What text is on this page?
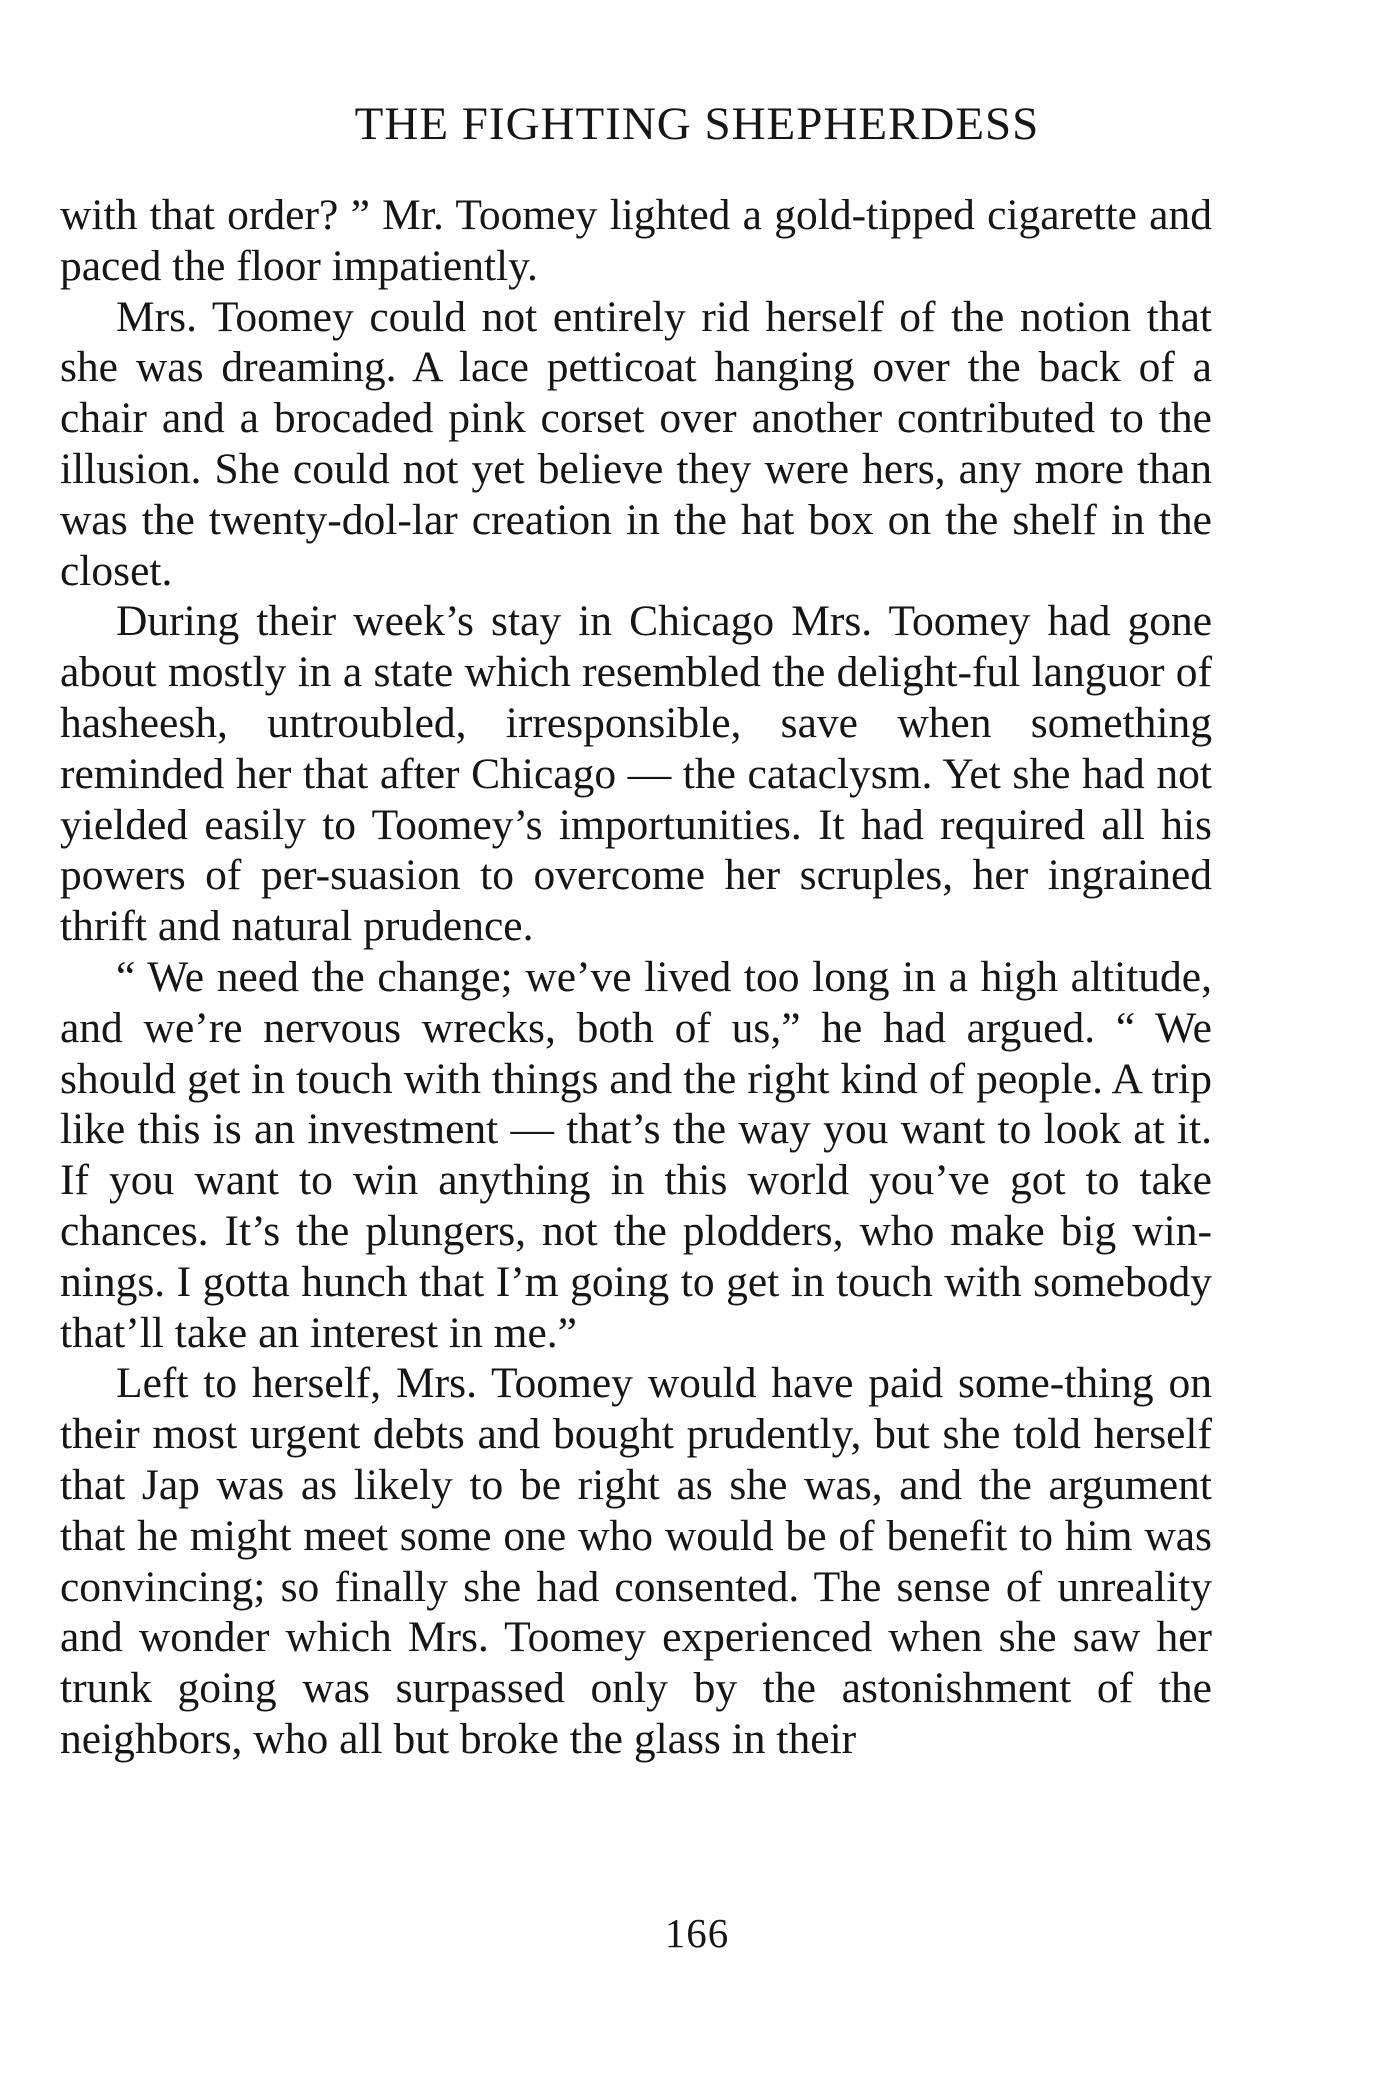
THE FIGHTING SHEPHERDESS

with that order? ” Mr. Toomey lighted a gold-tipped cigarette and paced the floor impatiently.

Mrs. Toomey could not entirely rid herself of the notion that she was dreaming. A lace petticoat hanging over the back of a chair and a brocaded pink corset over another contributed to the illusion. She could not yet believe they were hers, any more than was the twenty-dol-lar creation in the hat box on the shelf in the closet.

During their week’s stay in Chicago Mrs. Toomey had gone about mostly in a state which resembled the delight-ful languor of hasheesh, untroubled, irresponsible, save when something reminded her that after Chicago — the cataclysm. Yet she had not yielded easily to Toomey’s importunities. It had required all his powers of per-suasion to overcome her scruples, her ingrained thrift and natural prudence.

“ We need the change; we’ve lived too long in a high altitude, and we’re nervous wrecks, both of us,” he had argued. “ We should get in touch with things and the right kind of people. A trip like this is an investment — that’s the way you want to look at it. If you want to win anything in this world you’ve got to take chances. It’s the plungers, not the plodders, who make big win-nings. I gotta hunch that I’m going to get in touch with somebody that’ll take an interest in me.”

Left to herself, Mrs. Toomey would have paid some-thing on their most urgent debts and bought prudently, but she told herself that Jap was as likely to be right as she was, and the argument that he might meet some one who would be of benefit to him was convincing; so finally she had consented. The sense of unreality and wonder which Mrs. Toomey experienced when she saw her trunk going was surpassed only by the astonishment of the neighbors, who all but broke the glass in their

166
